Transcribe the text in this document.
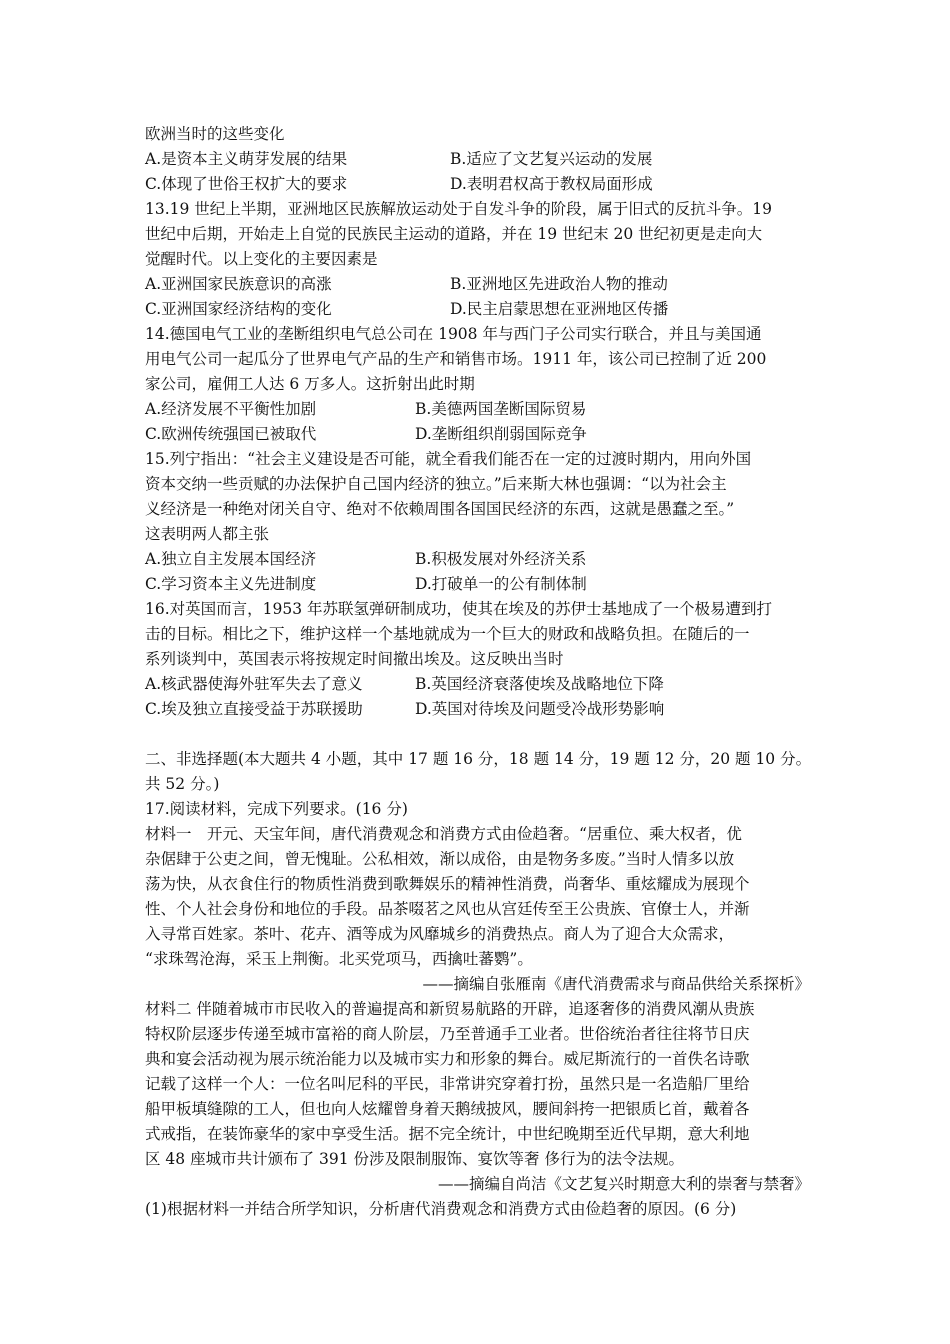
欧洲当时的这些变化
A.是资本主义萌芽发展的结果	B.适应了文艺复兴运动的发展
C.体现了世俗王权扩大的要求	D.表明君权高于教权局面形成
13.19 世纪上半期，亚洲地区民族解放运动处于自发斗争的阶段，属于旧式的反抗斗争。19
世纪中后期，开始走上自觉的民族民主运动的道路，并在 19 世纪末 20 世纪初更是走向大
觉醒时代。以上变化的主要因素是
A.亚洲国家民族意识的高涨	B.亚洲地区先进政治人物的推动
C.亚洲国家经济结构的变化	D.民主启蒙思想在亚洲地区传播
14.德国电气工业的垄断组织电气总公司在 1908 年与西门子公司实行联合，并且与美国通
用电气公司一起瓜分了世界电气产品的生产和销售市场。1911 年，该公司已控制了近 200
家公司，雇佣工人达 6 万多人。这折射出此时期
A.经济发展不平衡性加剧	B.美德两国垄断国际贸易
C.欧洲传统强国已被取代	D.垄断组织削弱国际竞争
15.列宁指出：“社会主义建设是否可能，就全看我们能否在一定的过渡时期内，用向外国
资本交纳一些贡赋的办法保护自己国内经济的独立。”后来斯大林也强调：“以为社会主
义经济是一种绝对闭关自守、绝对不依赖周围各国国民经济的东西，这就是愚蠢之至。”
这表明两人都主张
A.独立自主发展本国经济	B.积极发展对外经济关系
C.学习资本主义先进制度	D.打破单一的公有制体制
16.对英国而言，1953 年苏联氢弹研制成功，使其在埃及的苏伊士基地成了一个极易遭到打
击的目标。相比之下，维护这样一个基地就成为一个巨大的财政和战略负担。在随后的一
系列谈判中，英国表示将按规定时间撤出埃及。这反映出当时
A.核武器使海外驻军失去了意义	B.英国经济衰落使埃及战略地位下降
C.埃及独立直接受益于苏联援助	D.英国对待埃及问题受冷战形势影响
二、非选择题(本大题共 4 小题，其中 17 题 16 分，18 题 14 分，19 题 12 分，20 题 10 分。
共 52 分。)
17.阅读材料，完成下列要求。(16 分)
材料一　开元、天宝年间，唐代消费观念和消费方式由俭趋奢。“居重位、乘大权者，优
杂倨肆于公吏之间，曾无愧耻。公私相效，渐以成俗，由是物务多废。”当时人情多以放
荡为快，从衣食住行的物质性消费到歌舞娱乐的精神性消费，尚奢华、重炫耀成为展现个
性、个人社会身份和地位的手段。品茶啜茗之风也从宫廷传至王公贵族、官僚士人，并渐
入寻常百姓家。茶叶、花卉、酒等成为风靡城乡的消费热点。商人为了迎合大众需求，
“求珠驾沧海，采玉上荆衡。北买党项马，西擒吐蕃鹦”。
——摘编自张雁南《唐代消费需求与商品供给关系探析》
材料二 伴随着城市市民收入的普遍提高和新贸易航路的开辟，追逐奢侈的消费风潮从贵族
特权阶层逐步传递至城市富裕的商人阶层，乃至普通手工业者。世俗统治者往往将节日庆
典和宴会活动视为展示统治能力以及城市实力和形象的舞台。威尼斯流行的一首佚名诗歌
记载了这样一个人：一位名叫尼科的平民，非常讲究穿着打扮，虽然只是一名造船厂里给
船甲板填缝隙的工人，但也向人炫耀曾身着天鹅绒披风，腰间斜挎一把银质匕首，戴着各
式戒指，在装饰豪华的家中享受生活。据不完全统计，中世纪晚期至近代早期，意大利地
区 48 座城市共计颁布了 391 份涉及限制服饰、宴饮等奢 侈行为的法令法规。
——摘编自尚洁《文艺复兴时期意大利的崇奢与禁奢》
(1)根据材料一并结合所学知识，分析唐代消费观念和消费方式由俭趋奢的原因。(6 分)
